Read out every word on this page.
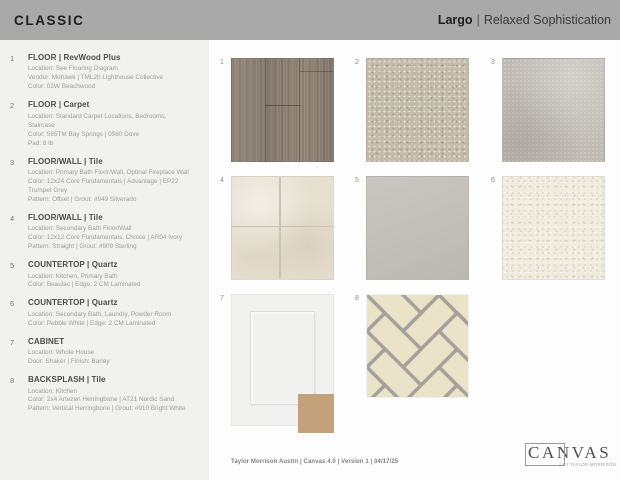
CLASSIC	Largo | Relaxed Sophistication
1	FLOOR | RevWood Plus
Location: See Flooring Diagram
Vendor: Mohawk | TML20 Lighthouse Collective
Color: 02W Beachwood
2	FLOOR | Carpet
Location: Standard Carpet Locations, Bedrooms, Staircase
Color: 565TM Bay Springs | 0560 Dove
Pad: 8 lb
3	FLOOR/WALL | Tile
Location: Primary Bath Floor/Wall, Optinal Fireplace Wall
Color: 12x24 Core Fundamentals | Advantage | EP22 Trumpet Grey
Pattern: Offset | Grout: #949 Silverado
4	FLOOR/WALL | Tile
Location: Secondary Bath Floor/Wall
Color: 12x12 Core Fundamentals, Choice | AR04 Ivory
Pattern: Straight | Grout: #909 Sterling
5	COUNTERTOP | Quartz
Location: Kitchen, Primary Bath
Color: Beaulac | Edge: 2 CM Laminated
6	COUNTERTOP | Quartz
Location: Secondary Bath, Laundry, Powder Room
Color: Pebble White | Edge: 2 CM Laminated
7	CABINET
Location: Whole House
Door: Shaker | Finish: Barley
8	BACKSPLASH | Tile
Location: Kitchen
Color: 2x4 Artezen Herringbone | AT21 Nordic Sand
Pattern: Vertical Herringbone | Grout: #910 Bright White
1	2	3
4	5	6
7	8
Taylor Morrison Austin | Canvas 4.0 | Version 1 | 04/17/25	CANVAS
| BY TAYLOR MORRISON
